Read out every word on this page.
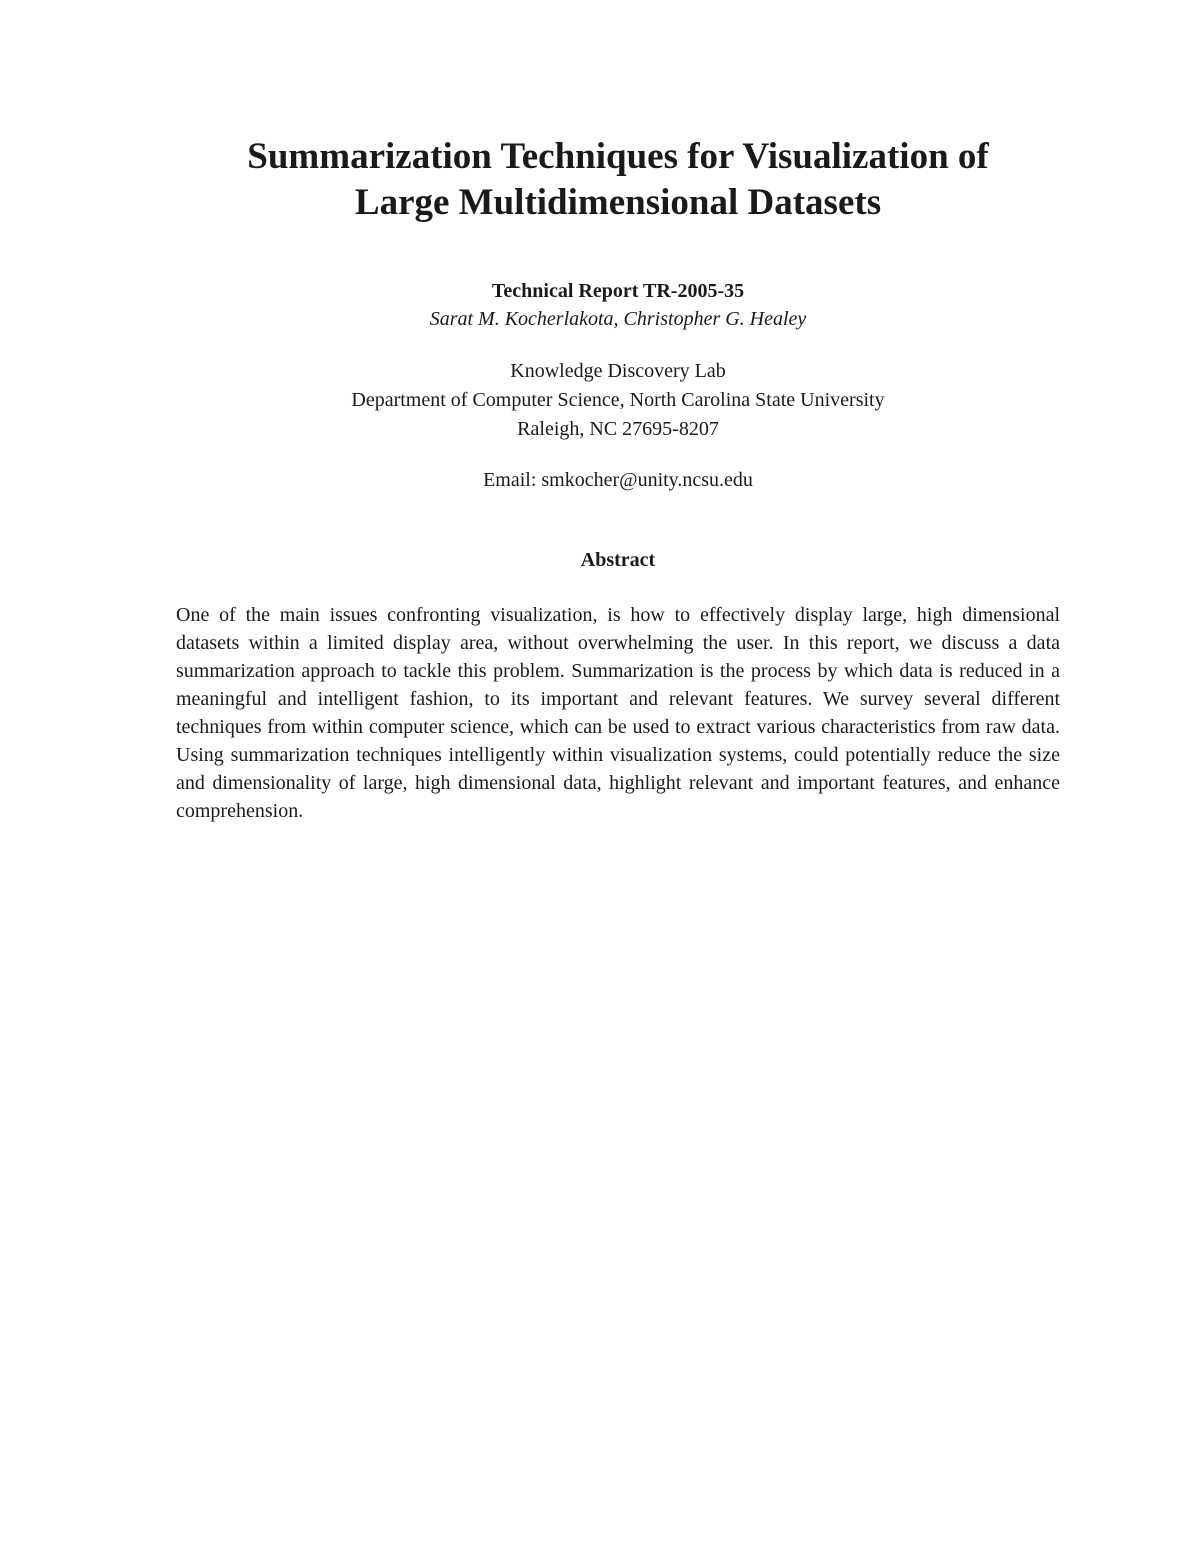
Summarization Techniques for Visualization of
Large Multidimensional Datasets
Technical Report TR-2005-35
Sarat M. Kocherlakota, Christopher G. Healey
Knowledge Discovery Lab
Department of Computer Science, North Carolina State University
Raleigh, NC 27695-8207
Email: smkocher@unity.ncsu.edu
Abstract

One of the main issues confronting visualization, is how to effectively display large, high dimensional datasets within a limited display area, without overwhelming the user. In this report, we discuss a data summarization approach to tackle this problem. Summarization is the process by which data is reduced in a meaningful and intelligent fashion, to its important and relevant features. We survey several different techniques from within computer science, which can be used to extract various characteristics from raw data. Using summarization techniques intelligently within visualization systems, could potentially reduce the size and dimensionality of large, high dimensional data, highlight relevant and important features, and enhance comprehension.
